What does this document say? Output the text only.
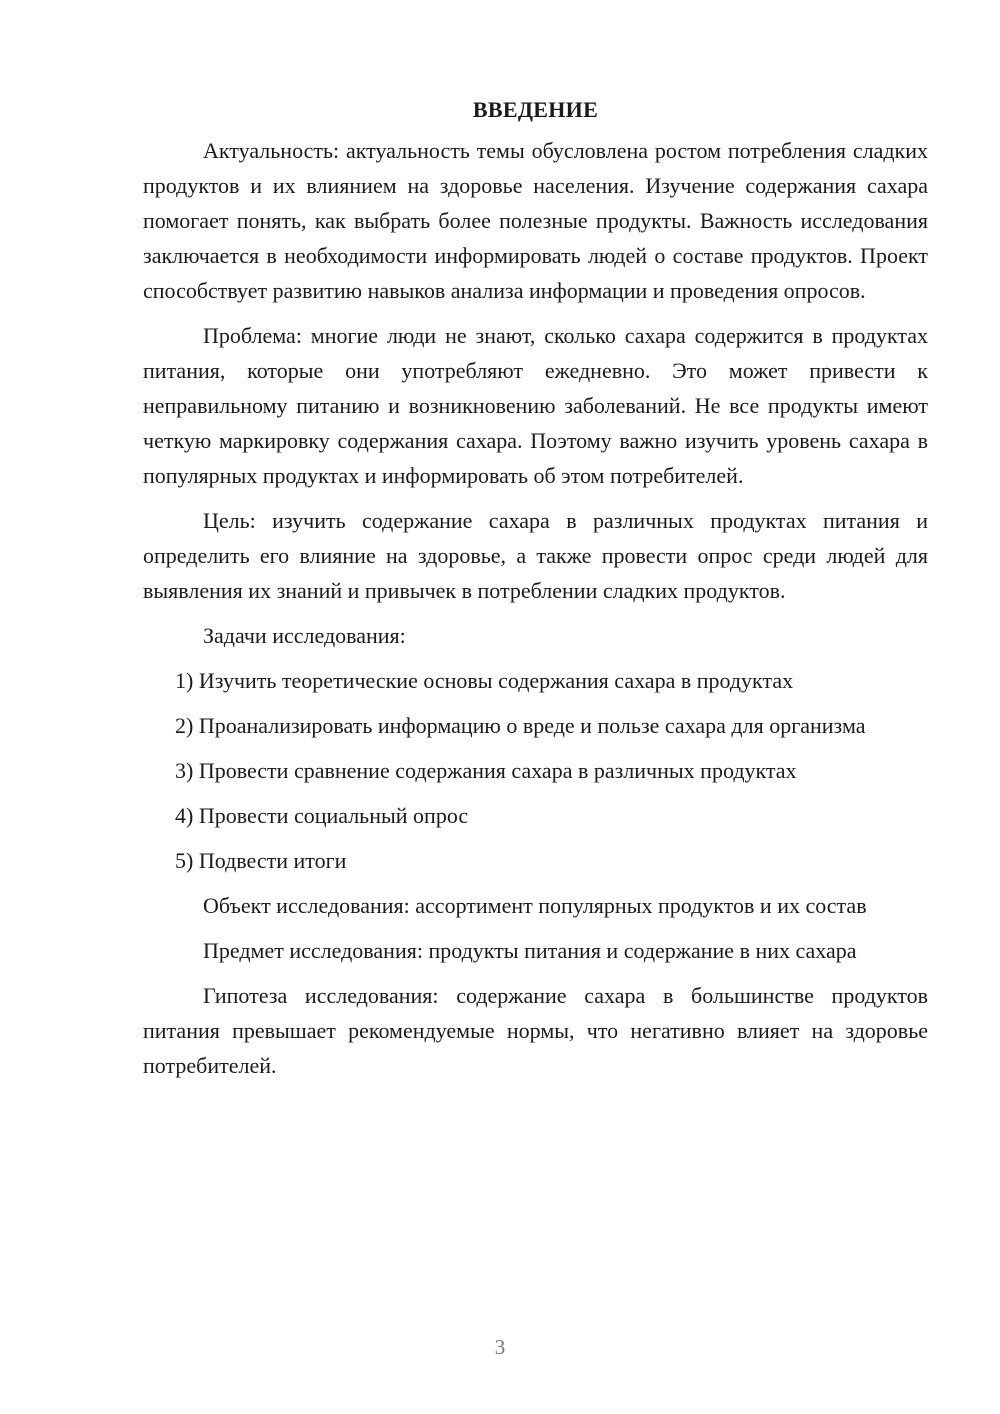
ВВЕДЕНИЕ

Актуальность: актуальность темы обусловлена ростом потребления сладких продуктов и их влиянием на здоровье населения. Изучение содержания сахара помогает понять, как выбрать более полезные продукты. Важность исследования заключается в необходимости информировать людей о составе продуктов. Проект способствует развитию навыков анализа информации и проведения опросов.

Проблема: многие люди не знают, сколько сахара содержится в продуктах питания, которые они употребляют ежедневно. Это может привести к неправильному питанию и возникновению заболеваний. Не все продукты имеют четкую маркировку содержания сахара. Поэтому важно изучить уровень сахара в популярных продуктах и информировать об этом потребителей.

Цель: изучить содержание сахара в различных продуктах питания и определить его влияние на здоровье, а также провести опрос среди людей для выявления их знаний и привычек в потреблении сладких продуктов.

Задачи исследования:

1) Изучить теоретические основы содержания сахара в продуктах

2) Проанализировать информацию о вреде и пользе сахара для организма

3) Провести сравнение содержания сахара в различных продуктах

4) Провести социальный опрос

5) Подвести итоги

Объект исследования: ассортимент популярных продуктов и их состав

Предмет исследования: продукты питания и содержание в них сахара

Гипотеза исследования: содержание сахара в большинстве продуктов питания превышает рекомендуемые нормы, что негативно влияет на здоровье потребителей.

3
